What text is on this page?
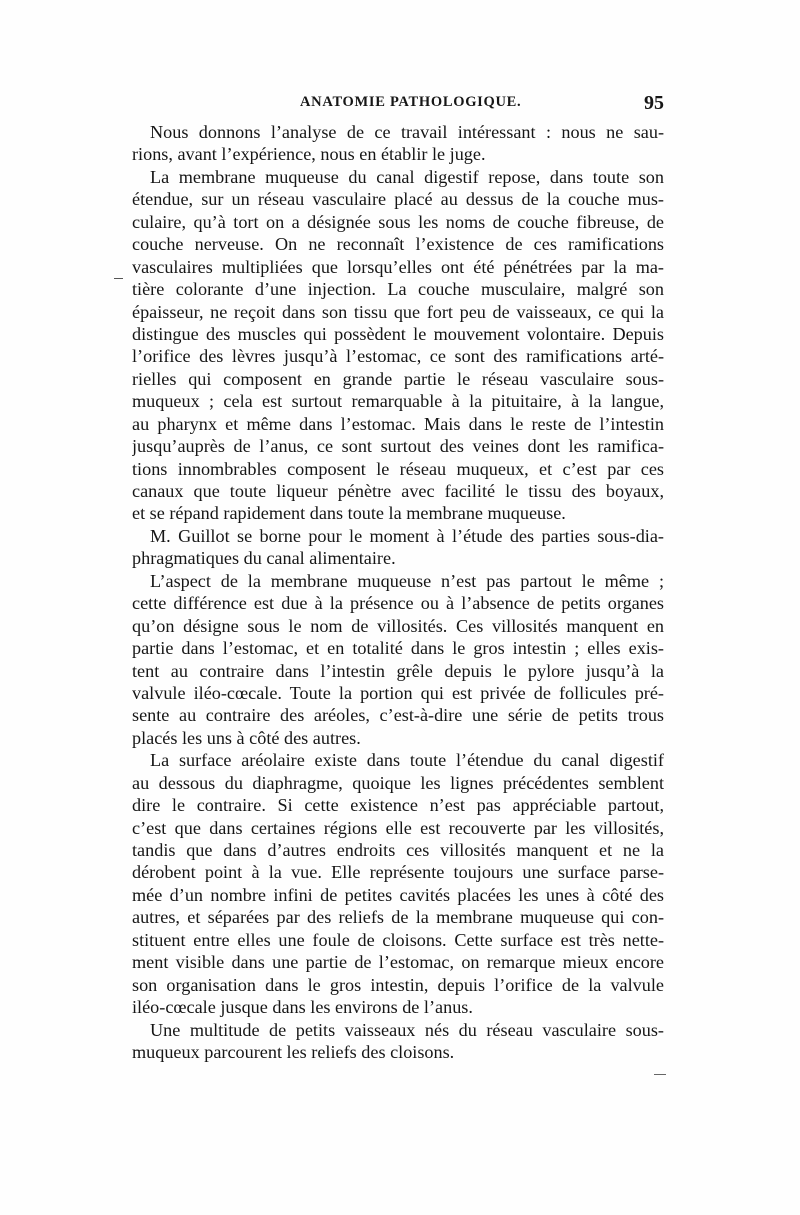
ANATOMIE PATHOLOGIQUE.	95
Nous donnons l’analyse de ce travail intéressant : nous ne sau-
rions, avant l’expérience, nous en établir le juge.
La membrane muqueuse du canal digestif repose, dans toute son
étendue, sur un réseau vasculaire placé au dessus de la couche mus-
culaire, qu’à tort on a désignée sous les noms de couche fibreuse, de
couche nerveuse. On ne reconnaît l’existence de ces ramifications
vasculaires multipliées que lorsqu’elles ont été pénétrées par la ma-
tière colorante d’une injection. La couche musculaire, malgré son
épaisseur, ne reçoit dans son tissu que fort peu de vaisseaux, ce qui la
distingue des muscles qui possèdent le mouvement volontaire. Depuis
l’orifice des lèvres jusqu’à l’estomac, ce sont des ramifications arté-
rielles qui composent en grande partie le réseau vasculaire sous-
muqueux ; cela est surtout remarquable à la pituitaire, à la langue,
au pharynx et même dans l’estomac. Mais dans le reste de l’intestin
jusqu’auprès de l’anus, ce sont surtout des veines dont les ramifica-
tions innombrables composent le réseau muqueux, et c’est par ces
canaux que toute liqueur pénètre avec facilité le tissu des boyaux,
et se répand rapidement dans toute la membrane muqueuse.
M. Guillot se borne pour le moment à l’étude des parties sous-dia-
phragmatiques du canal alimentaire.
L’aspect de la membrane muqueuse n’est pas partout le même ;
cette différence est due à la présence ou à l’absence de petits organes
qu’on désigne sous le nom de villosités. Ces villosités manquent en
partie dans l’estomac, et en totalité dans le gros intestin ; elles exis-
tent au contraire dans l’intestin grêle depuis le pylore jusqu’à la
valvule iléo-cœcale. Toute la portion qui est privée de follicules pré-
sente au contraire des aréoles, c’est-à-dire une série de petits trous
placés les uns à côté des autres.
La surface aréolaire existe dans toute l’étendue du canal digestif
au dessous du diaphragme, quoique les lignes précédentes semblent
dire le contraire. Si cette existence n’est pas appréciable partout,
c’est que dans certaines régions elle est recouverte par les villosités,
tandis que dans d’autres endroits ces villosités manquent et ne la
dérobent point à la vue. Elle représente toujours une surface parse-
mée d’un nombre infini de petites cavités placées les unes à côté des
autres, et séparées par des reliefs de la membrane muqueuse qui con-
stituent entre elles une foule de cloisons. Cette surface est très nette-
ment visible dans une partie de l’estomac, on remarque mieux encore
son organisation dans le gros intestin, depuis l’orifice de la valvule
iléo-cœcale jusque dans les environs de l’anus.
Une multitude de petits vaisseaux nés du réseau vasculaire sous-
muqueux parcourent les reliefs des cloisons.
